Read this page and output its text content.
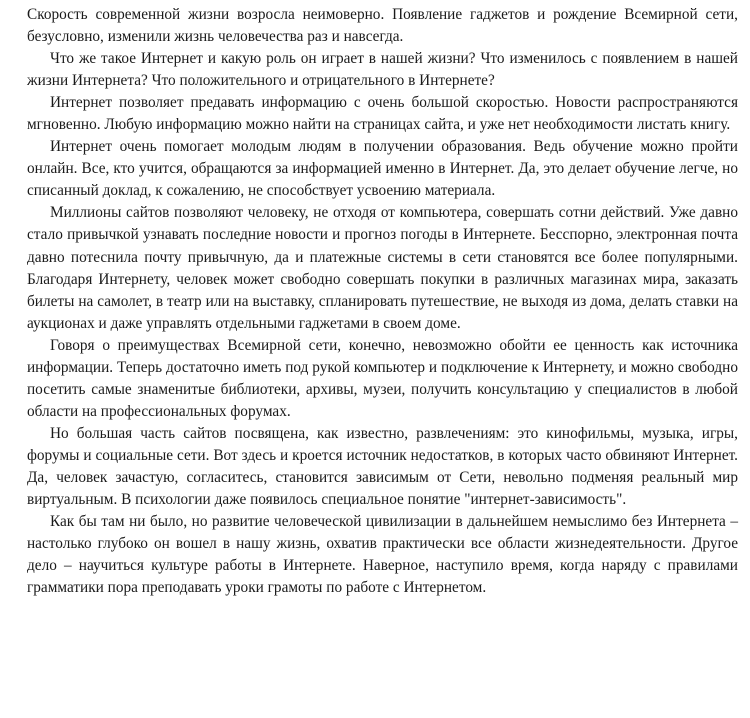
Скорость современной жизни возросла неимоверно. Появление гаджетов и рождение Всемирной сети, безусловно, изменили жизнь человечества раз и навсегда.

Что же такое Интернет и какую роль он играет в нашей жизни? Что изменилось с появлением в нашей жизни Интернета? Что положительного и отрицательного в Интернете?

Интернет позволяет предавать информацию с очень большой скоростью. Новости распространяются мгновенно. Любую информацию можно найти на страницах сайта, и уже нет необходимости листать книгу.

Интернет очень помогает молодым людям в получении образования. Ведь обучение можно пройти онлайн. Все, кто учится, обращаются за информацией именно в Интернет. Да, это делает обучение легче, но списанный доклад, к сожалению, не способствует усвоению материала.

Миллионы сайтов позволяют человеку, не отходя от компьютера, совершать сотни действий. Уже давно стало привычкой узнавать последние новости и прогноз погоды в Интернете. Бесспорно, электронная почта давно потеснила почту привычную, да и платежные системы в сети становятся все более популярными. Благодаря Интернету, человек может свободно совершать покупки в различных магазинах мира, заказать билеты на самолет, в театр или на выставку, спланировать путешествие, не выходя из дома, делать ставки на аукционах и даже управлять отдельными гаджетами в своем доме.

Говоря о преимуществах Всемирной сети, конечно, невозможно обойти ее ценность как источника информации. Теперь достаточно иметь под рукой компьютер и подключение к Интернету, и можно свободно посетить самые знаменитые библиотеки, архивы, музеи, получить консультацию у специалистов в любой области на профессиональных форумах.

Но большая часть сайтов посвящена, как известно, развлечениям: это кинофильмы, музыка, игры, форумы и социальные сети. Вот здесь и кроется источник недостатков, в которых часто обвиняют Интернет. Да, человек зачастую, согласитесь, становится зависимым от Сети, невольно подменяя реальный мир виртуальным. В психологии даже появилось специальное понятие "интернет-зависимость".

Как бы там ни было, но развитие человеческой цивилизации в дальнейшем немыслимо без Интернета – настолько глубоко он вошел в нашу жизнь, охватив практически все области жизнедеятельности. Другое дело – научиться культуре работы в Интернете. Наверное, наступило время, когда наряду с правилами грамматики пора преподавать уроки грамоты по работе с Интернетом.
